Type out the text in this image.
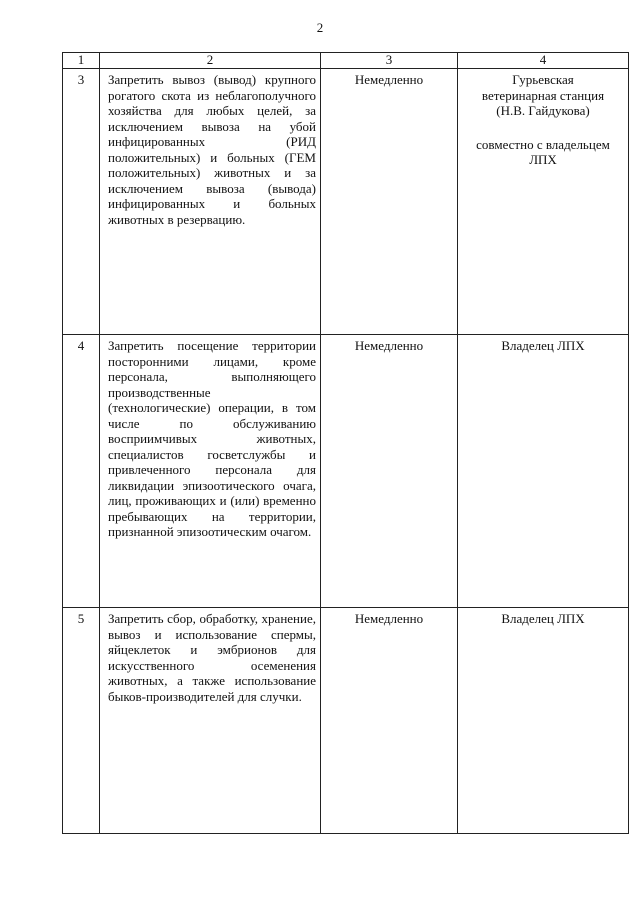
2
1	2	3	4
3	Запретить вывоз (вывод) крупного рогатого скота из неблагополучного хозяйства для любых целей, за исключением вывоза на убой инфицированных (РИД положительных) и больных (ГЕМ положительных) животных и за исключением вывоза (вывода) инфицированных и больных животных в резервацию.	Немедленно	Гурьевская ветеринарная станция (Н.В. Гайдукова)
совместно с владельцем ЛПХ

4	Запретить посещение территории посторонними лицами, кроме персонала, выполняющего производственные (технологические) операции, в том числе по обслуживанию восприимчивых животных, специалистов госветслужбы и привлеченного персонала для ликвидации эпизоотического очага, лиц, проживающих и (или) временно пребывающих на территории, признанной эпизоотическим очагом.	Немедленно	Владелец ЛПХ
5	Запретить сбор, обработку, хранение, вывоз и использование спермы, яйцеклеток и эмбрионов для искусственного осеменения животных, а также использование быков-производителей для случки.	Немедленно	Владелец ЛПХ
